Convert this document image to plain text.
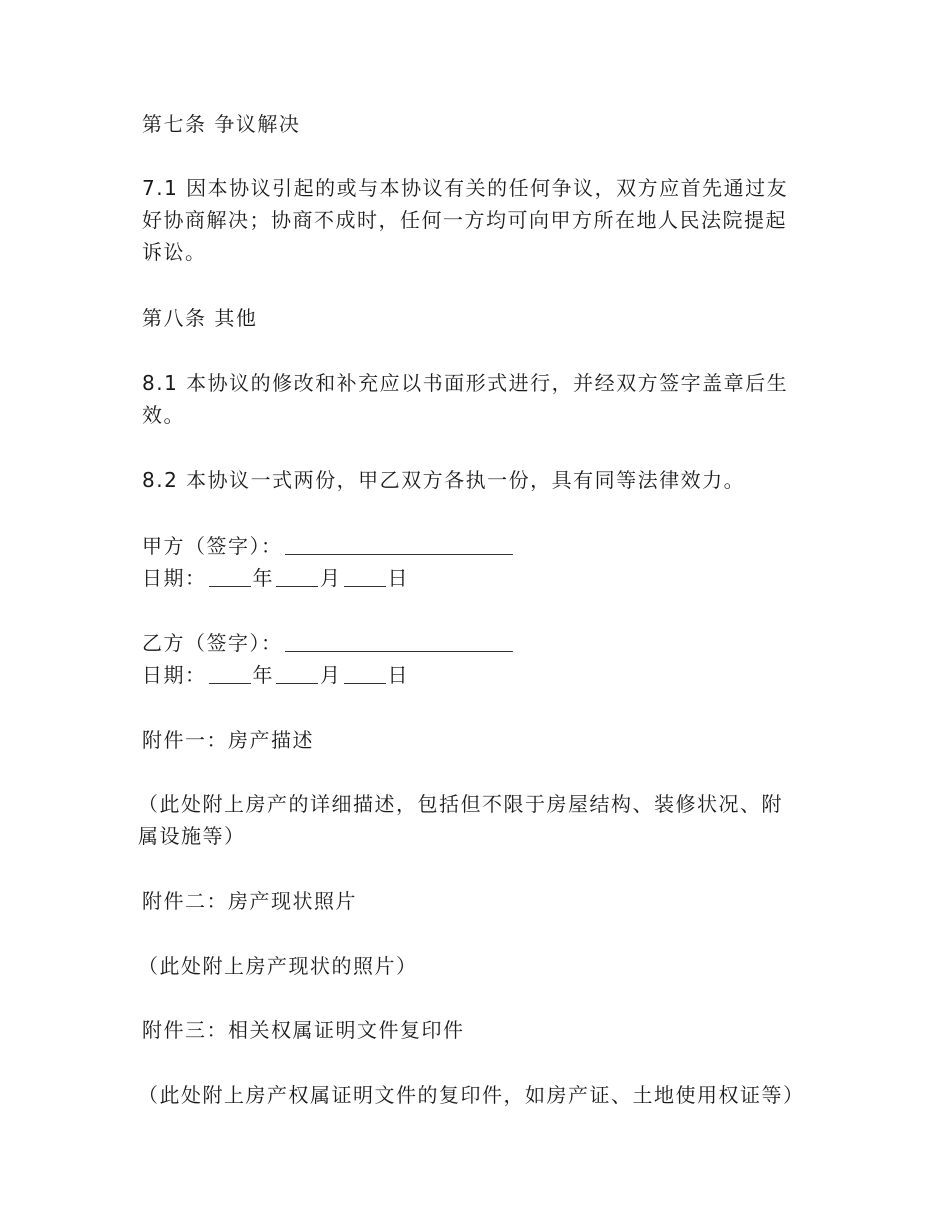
第七条 争议解决
7.1 因本协议引起的或与本协议有关的任何争议，双方应首先通过友
好协商解决；协商不成时，任何一方均可向甲方所在地人民法院提起
诉讼。
第八条 其他
8.1 本协议的修改和补充应以书面形式进行，并经双方签字盖章后生
效。
8.2 本协议一式两份，甲乙双方各执一份，具有同等法律效力。
甲方（签字）：
日期： 年 月 日
乙方（签字）：
日期： 年 月 日
附件一：房产描述
（此处附上房产的详细描述，包括但不限于房屋结构、装修状况、附
属设施等）
附件二：房产现状照片
（此处附上房产现状的照片）
附件三：相关权属证明文件复印件
（此处附上房产权属证明文件的复印件，如房产证、土地使用权证等）
